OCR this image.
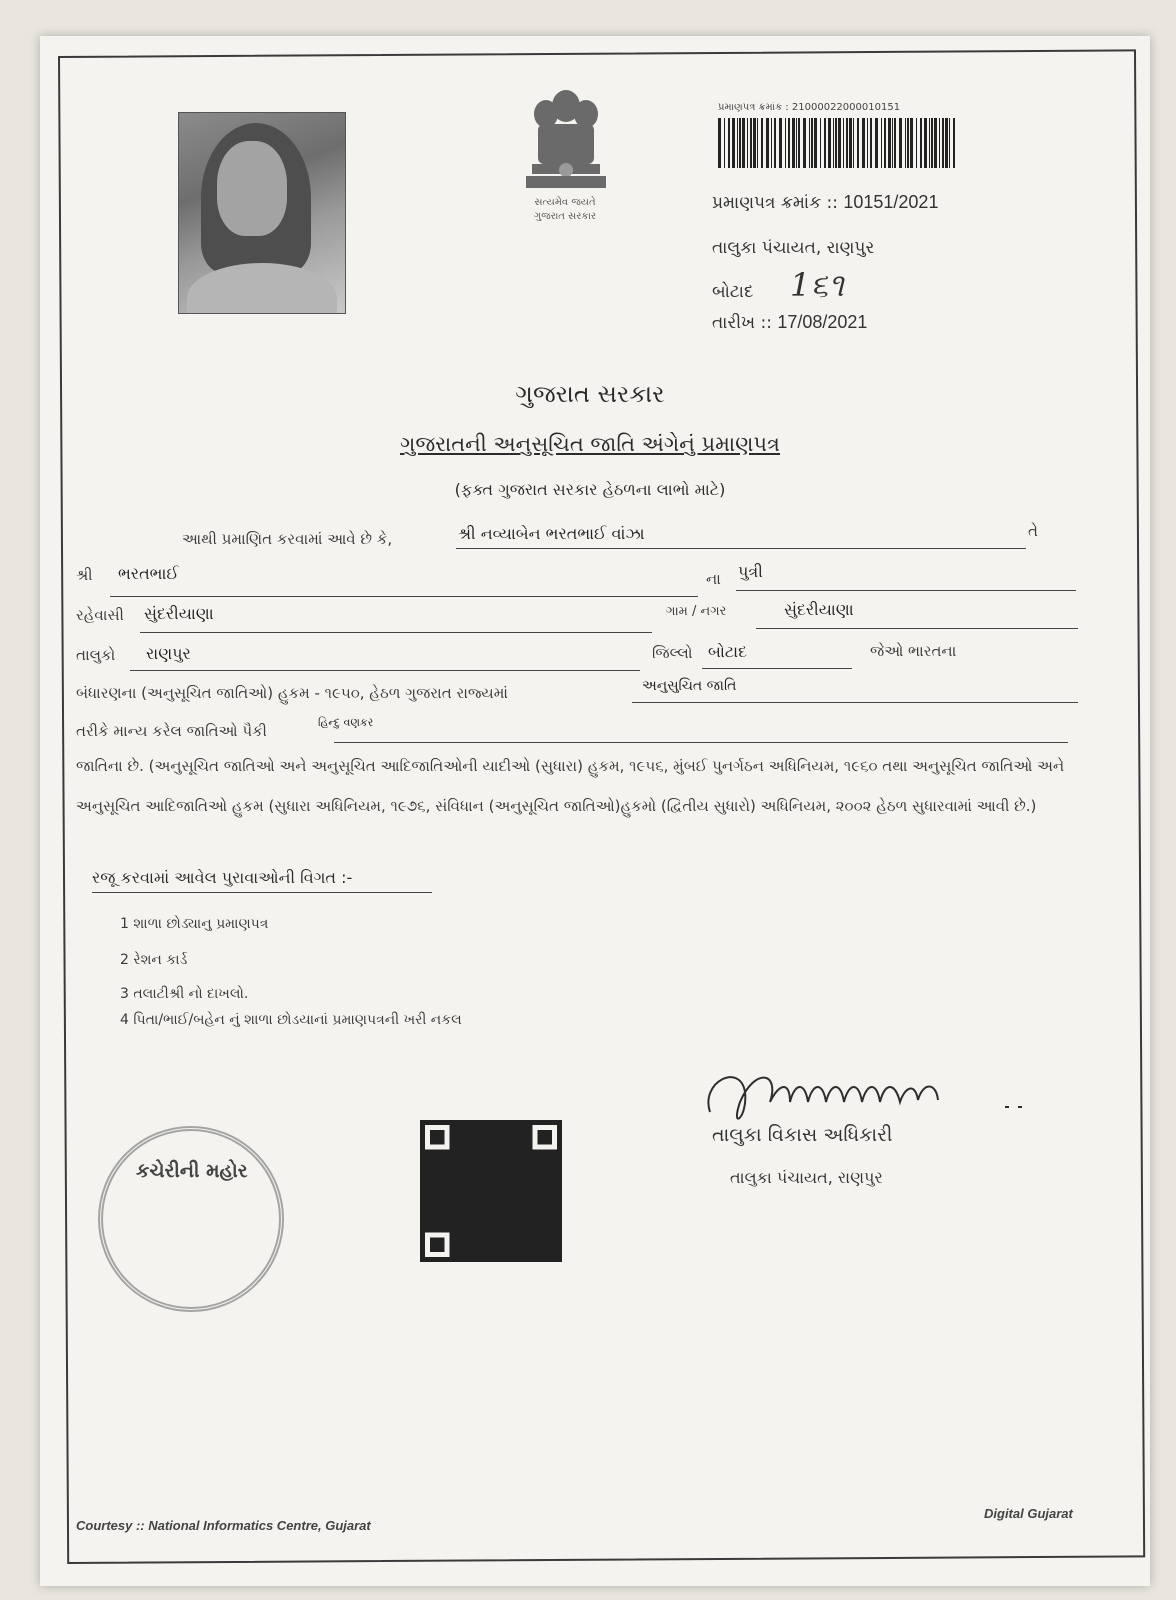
સત્યમેવ જયતે
ગુજરાત સરકાર
પ્રમાણપત્ર ક્રમાંક : 21000022000010151
પ્રમાણપત્ર ક્રમાંક :: 10151/2021
તાલુકા પંચાયત, રાણપુર
બોટાદ 1૬૧
તારીખ :: 17/08/2021
ગુજરાત સરકાર
ગુજરાતની અનુસૂચિત જાતિ અંગેનું પ્રમાણપત્ર
(ફક્ત ગુજરાત સરકાર હેઠળના લાભો માટે)
આથી પ્રમાણિત કરવામાં આવે છે કે,	શ્રી નવ્યાબેન ભરતભાઈ વાંઝા	તે
શ્રી ભરતભાઈ	ના પુત્રી
રહેવાસી સુંદરીયાણા	ગામ / નગર	સુંદરીયાણા
તાલુકો રાણપુર	જિલ્લો બોટાદ	જેઓ ભારતના
બંધારણના (અનુસૂચિત જાતિઓ) હુકમ - ૧૯૫૦, હેઠળ ગુજરાત રાજ્યમાં	અનુસુચિત જાતિ
તરીકે માન્ય કરેલ જાતિઓ પૈકી	હિન્દુ વણકર
જાતિના છે. (અનુસૂચિત જાતિઓ અને અનુસૂચિત આદિજાતિઓની યાદીઓ (સુધારા) હુકમ, ૧૯૫૬, મુંબઈ પુનર્ગઠન અધિનિયમ, ૧૯૬૦ તથા અનુસૂચિત જાતિઓ અને અનુસૂચિત આદિજાતિઓ હુકમ (સુધારા અધિનિયમ, ૧૯૭૬, સંવિધાન (અનુસૂચિત જાતિઓ)હુકમો (દ્વિતીય સુધારો) અધિનિયમ, ૨૦૦૨ હેઠળ સુધારવામાં આવી છે.)
રજૂ કરવામાં આવેલ પુરાવાઓની વિગત :-
1 શાળા છોડ્યાનુ પ્રમાણપત્ર
2 રેશન કાર્ડ
3 તલાટીશ્રી નો દાખલો.
4 પિતા/ભાઈ/બહેન નું શાળા છોડયાનાં પ્રમાણપત્રની ખરી નકલ
કચેરીની મહોર
તાલુકા વિકાસ અધિકારી
તાલુકા પંચાયત, રાણપુર
Courtesy :: National Informatics Centre, Gujarat
Digital Gujarat
